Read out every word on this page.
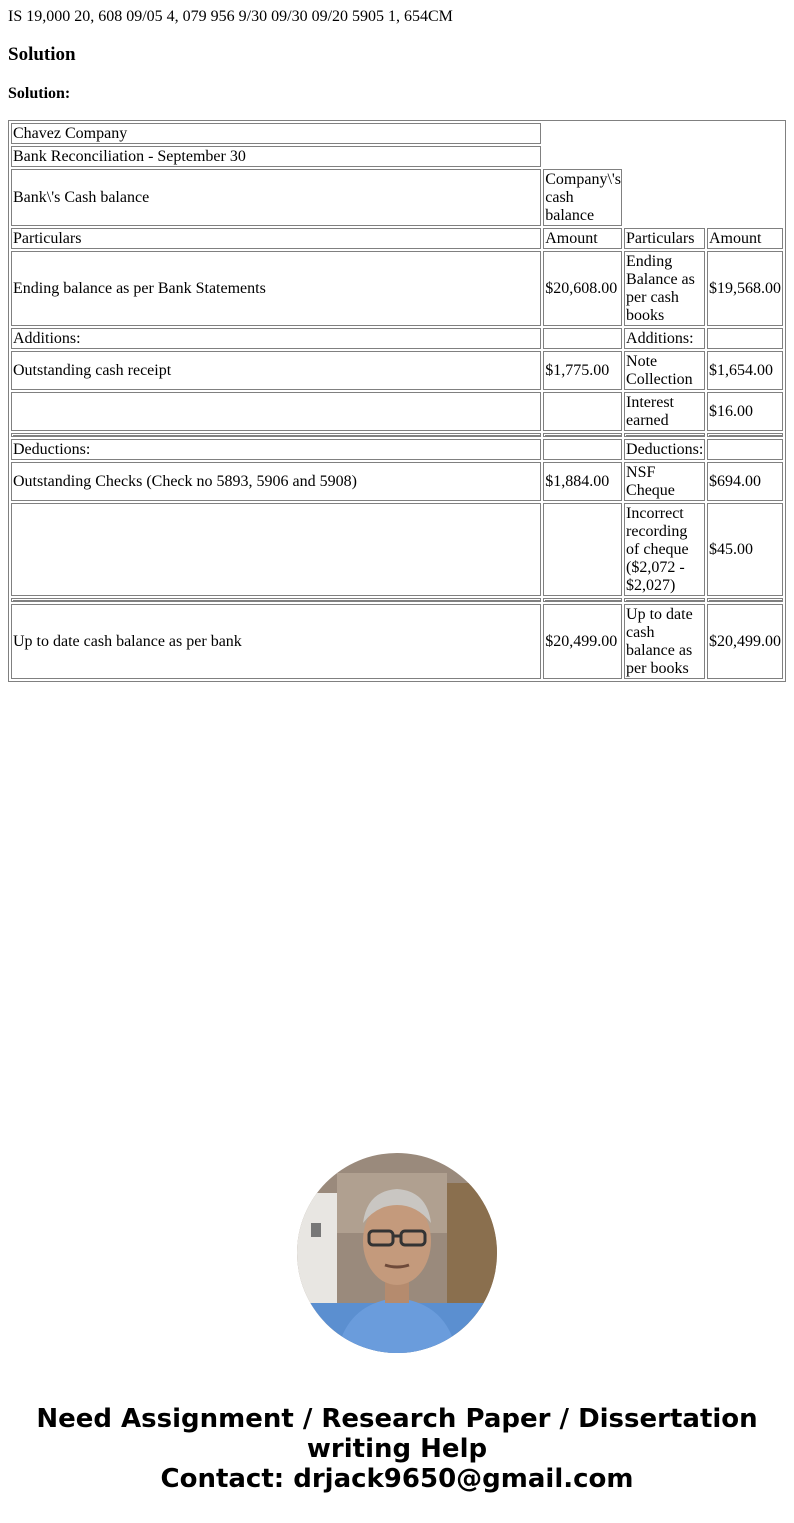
IS 19,000 20, 608 09/05 4, 079 956 9/30 09/30 09/20 5905 1, 654CM

Solution
Solution:
Chavez Company			
Bank Reconciliation - September 30			
Bank\'s Cash balance	Company\'s cash balance		
Particulars	Amount	Particulars	Amount
Ending balance as per Bank Statements	$20,608.00	Ending Balance as per cash books	$19,568.00
Additions:		Additions:	
Outstanding cash receipt	$1,775.00	Note Collection	$1,654.00
		Interest earned	$16.00

Deductions:		Deductions:	
Outstanding Checks (Check no 5893, 5906 and 5908)	$1,884.00	NSF Cheque	$694.00
		Incorrect recording of cheque ($2,072 - $2,027)	$45.00

Up to date cash balance as per bank	$20,499.00	Up to date cash balance as per books	$20,499.00
Need Assignment / Research Paper / Dissertation
writing Help
Contact: drjack9650@gmail.com
